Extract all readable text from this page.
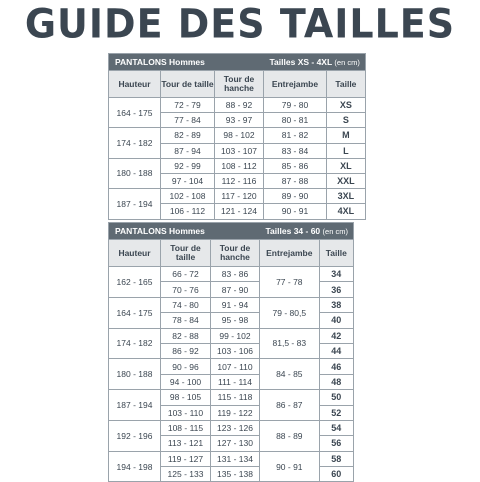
GUIDE DES TAILLES
PANTALONS Hommes			Tailles XS - 4XL (en cm)	
Hauteur	Tour de taille	Tour de hanche	Entrejambe	Taille
164 - 175	72 - 79	88 - 92	79 - 80	XS
	77 - 84	93 - 97	80 - 81	S
174 - 182	82 - 89	98 - 102	81 - 82	M
	87 - 94	103 - 107	83 - 84	L
180 - 188	92 - 99	108 - 112	85 - 86	XL
	97 - 104	112 - 116	87 - 88	XXL
187 - 194	102 - 108	117 - 120	89 - 90	3XL
	106 - 112	121 - 124	90 - 91	4XL
PANTALONS Hommes			Tailles 34 - 60 (en cm)	
Hauteur	Tour de taille	Tour de hanche	Entrejambe	Taille
162 - 165	66 - 72	83 - 86	77 - 78	34
	70 - 76	87 - 90		36
164 - 175	74 - 80	91 - 94	79 - 80,5	38
	78 - 84	95 - 98		40
174 - 182	82 - 88	99 - 102	81,5 - 83	42
	86 - 92	103 - 106		44
180 - 188	90 - 96	107 - 110	84 - 85	46
	94 - 100	111 - 114		48
187 - 194	98 - 105	115 - 118	86 - 87	50
	103 - 110	119 - 122		52
192 - 196	108 - 115	123 - 126	88 - 89	54
	113 - 121	127 - 130		56
194 - 198	119 - 127	131 - 134	90 - 91	58
	125 - 133	135 - 138		60
